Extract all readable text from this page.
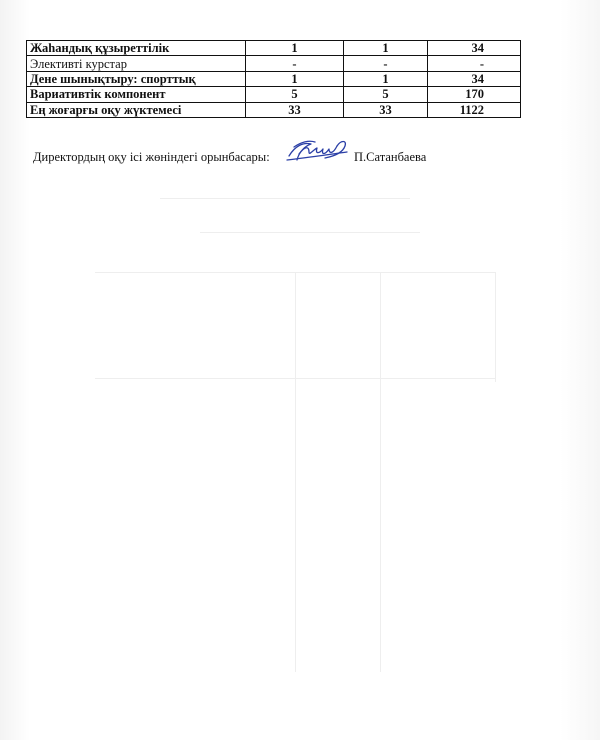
Жаһандық құзыреттілік	1	1	34
Элективті курстар	-	-	-
Дене шынықтыру: спорттық	1	1	34
Вариативтік компонент	5	5	170
Ең жоғарғы оқу жүктемесі	33	33	1122
Директордың оқу ісі жөніндегі орынбасары:	П.Сатанбаева
